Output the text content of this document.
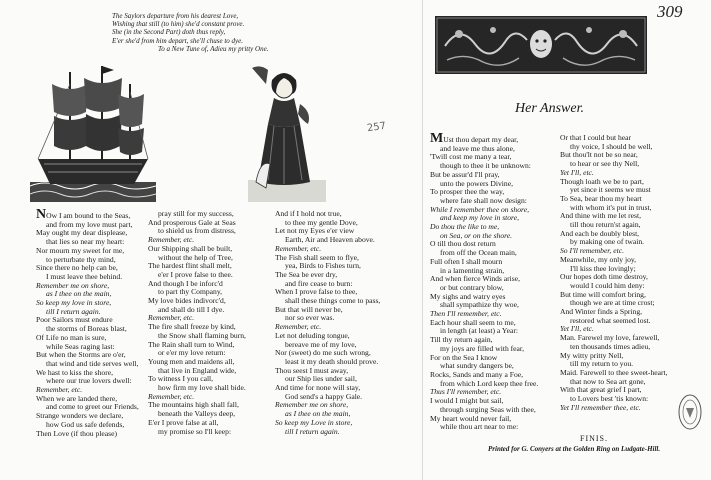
The Saylors departure from his dearest Love,
Wishing that still (to him) she'd constant prove.
She (in the Second Part) doth thus reply,
E'er she'd from him depart, she'll chuse to dye.
To a New Tune of, Adieu my pritty One.
309
257
Her Answer.
NOw I am bound to the Seas,
and from my love must part,
May ought my dear displease,
that lies so near my heart:
Nor mourn my sweet for me,
to perturbate thy mind,
Since there no help can be,
I must leave thee behind.
Remember me on shore,
as I thee on the main,
So keep my love in store,
till I return again.
Poor Sailors must endure
the storms of Boreas blast,
Of Life no man is sure,
while Seas raging last:
But when the Storms are o'er,
that wind and tide serves well,
We hast to kiss the shore,
where our true lovers dwell:
Remember, etc.
When we are landed there,
and come to greet our Friends,
Strange wonders we declare,
how God us safe defends,
Then Love (if thou please)
pray still for my success,
And prosperous Gale at Seas
to shield us from distress,
Remember, etc.
Our Shipping shall be built,
without the help of Tree,
The hardest flint shall melt,
e'er I prove false to thee.
And though I be inforc'd
to part thy Company,
My love bides indivorc'd,
and shall do till I dye.
Remember, etc.
The fire shall freeze by kind,
the Snow shall flaming burn,
The Rain shall turn to Wind,
or e'er my love return:
Young men and maidens all,
that live in England wide,
To witness I you call,
how firm my love shall bide.
Remember, etc.
The mountains high shall fall,
beneath the Valleys deep,
E'er I prove false at all,
my promise so I'll keep:
And if I hold not true,
to thee my gentle Dove,
Let not my Eyes e'er view
Earth, Air and Heaven above.
Remember, etc.
The Fish shall seem to flye,
yea, Birds to Fishes turn,
The Sea be ever dry,
and fire cease to burn:
When I prove false to thee,
shall these things come to pass,
But that will never be,
nor so ever was.
Remember, etc.
Let not deluding tongue,
bereave me of my love,
Nor (sweet) do me such wrong,
least it my death should prove.
Thou seest I must away,
our Ship lies under sail,
And time for none will stay,
God send's a happy Gale.
Remember me on shore,
as I thee on the main,
So keep my Love in store,
till I return again.
MUst thou depart my dear,
and leave me thus alone,
'Twill cost me many a tear,
though to thee it be unknown:
But be assur'd I'll pray,
unto the powers Divine,
To prosper thee the way,
where fate shall now design:
While I remember thee on shore,
and keep my love in store,
Do thou the like to me,
on Sea, or on the shore.
O till thou dost return
from off the Ocean main,
Full often I shall mourn
in a lamenting strain,
And when fierce Winds arise,
or but contrary blow,
My sighs and watry eyes
shall sympathize thy woe,
Then I'll remember, etc.
Each hour shall seem to me,
in length (at least) a Year:
Till thy return again,
my joys are filled with fear,
For on the Sea I know
what sundry dangers be,
Rocks, Sands and many a Foe,
from which Lord keep thee free.
Thus I'll remember, etc.
I would I might but sail,
through surging Seas with thee,
My heart would never fail,
while thou art near to me:
Or that I could but hear
thy voice, I should be well,
But thou'lt not be so near,
to hear or see thy Nell,
Yet I'll, etc.
Though loath we be to part,
yet since it seems we must
To Sea, bear thou my heart
with whom it's put in trust,
And thine with me let rest,
till thou return'st again,
And each be doubly blest,
by making one of twain.
So I'll remember, etc.
Meanwhile, my only joy,
I'll kiss thee lovingly;
Our hopes doth time destroy,
would I could him deny:
But time will comfort bring,
though we are at time crost;
And Winter finds a Spring,
restored what seemed lost.
Yet I'll, etc.
Man. Farewel my love, farewell,
ten thousands times adieu,
My witty pritty Nell,
till my return to you.
Maid. Farewell to thee sweet-heart,
that now to Sea art gone,
With that great grief I part,
to Lovers best 'tis known:
Yet I'll remember thee, etc.
FINIS.
Printed for G. Conyers at the Golden Ring on Ludgate-Hill.
